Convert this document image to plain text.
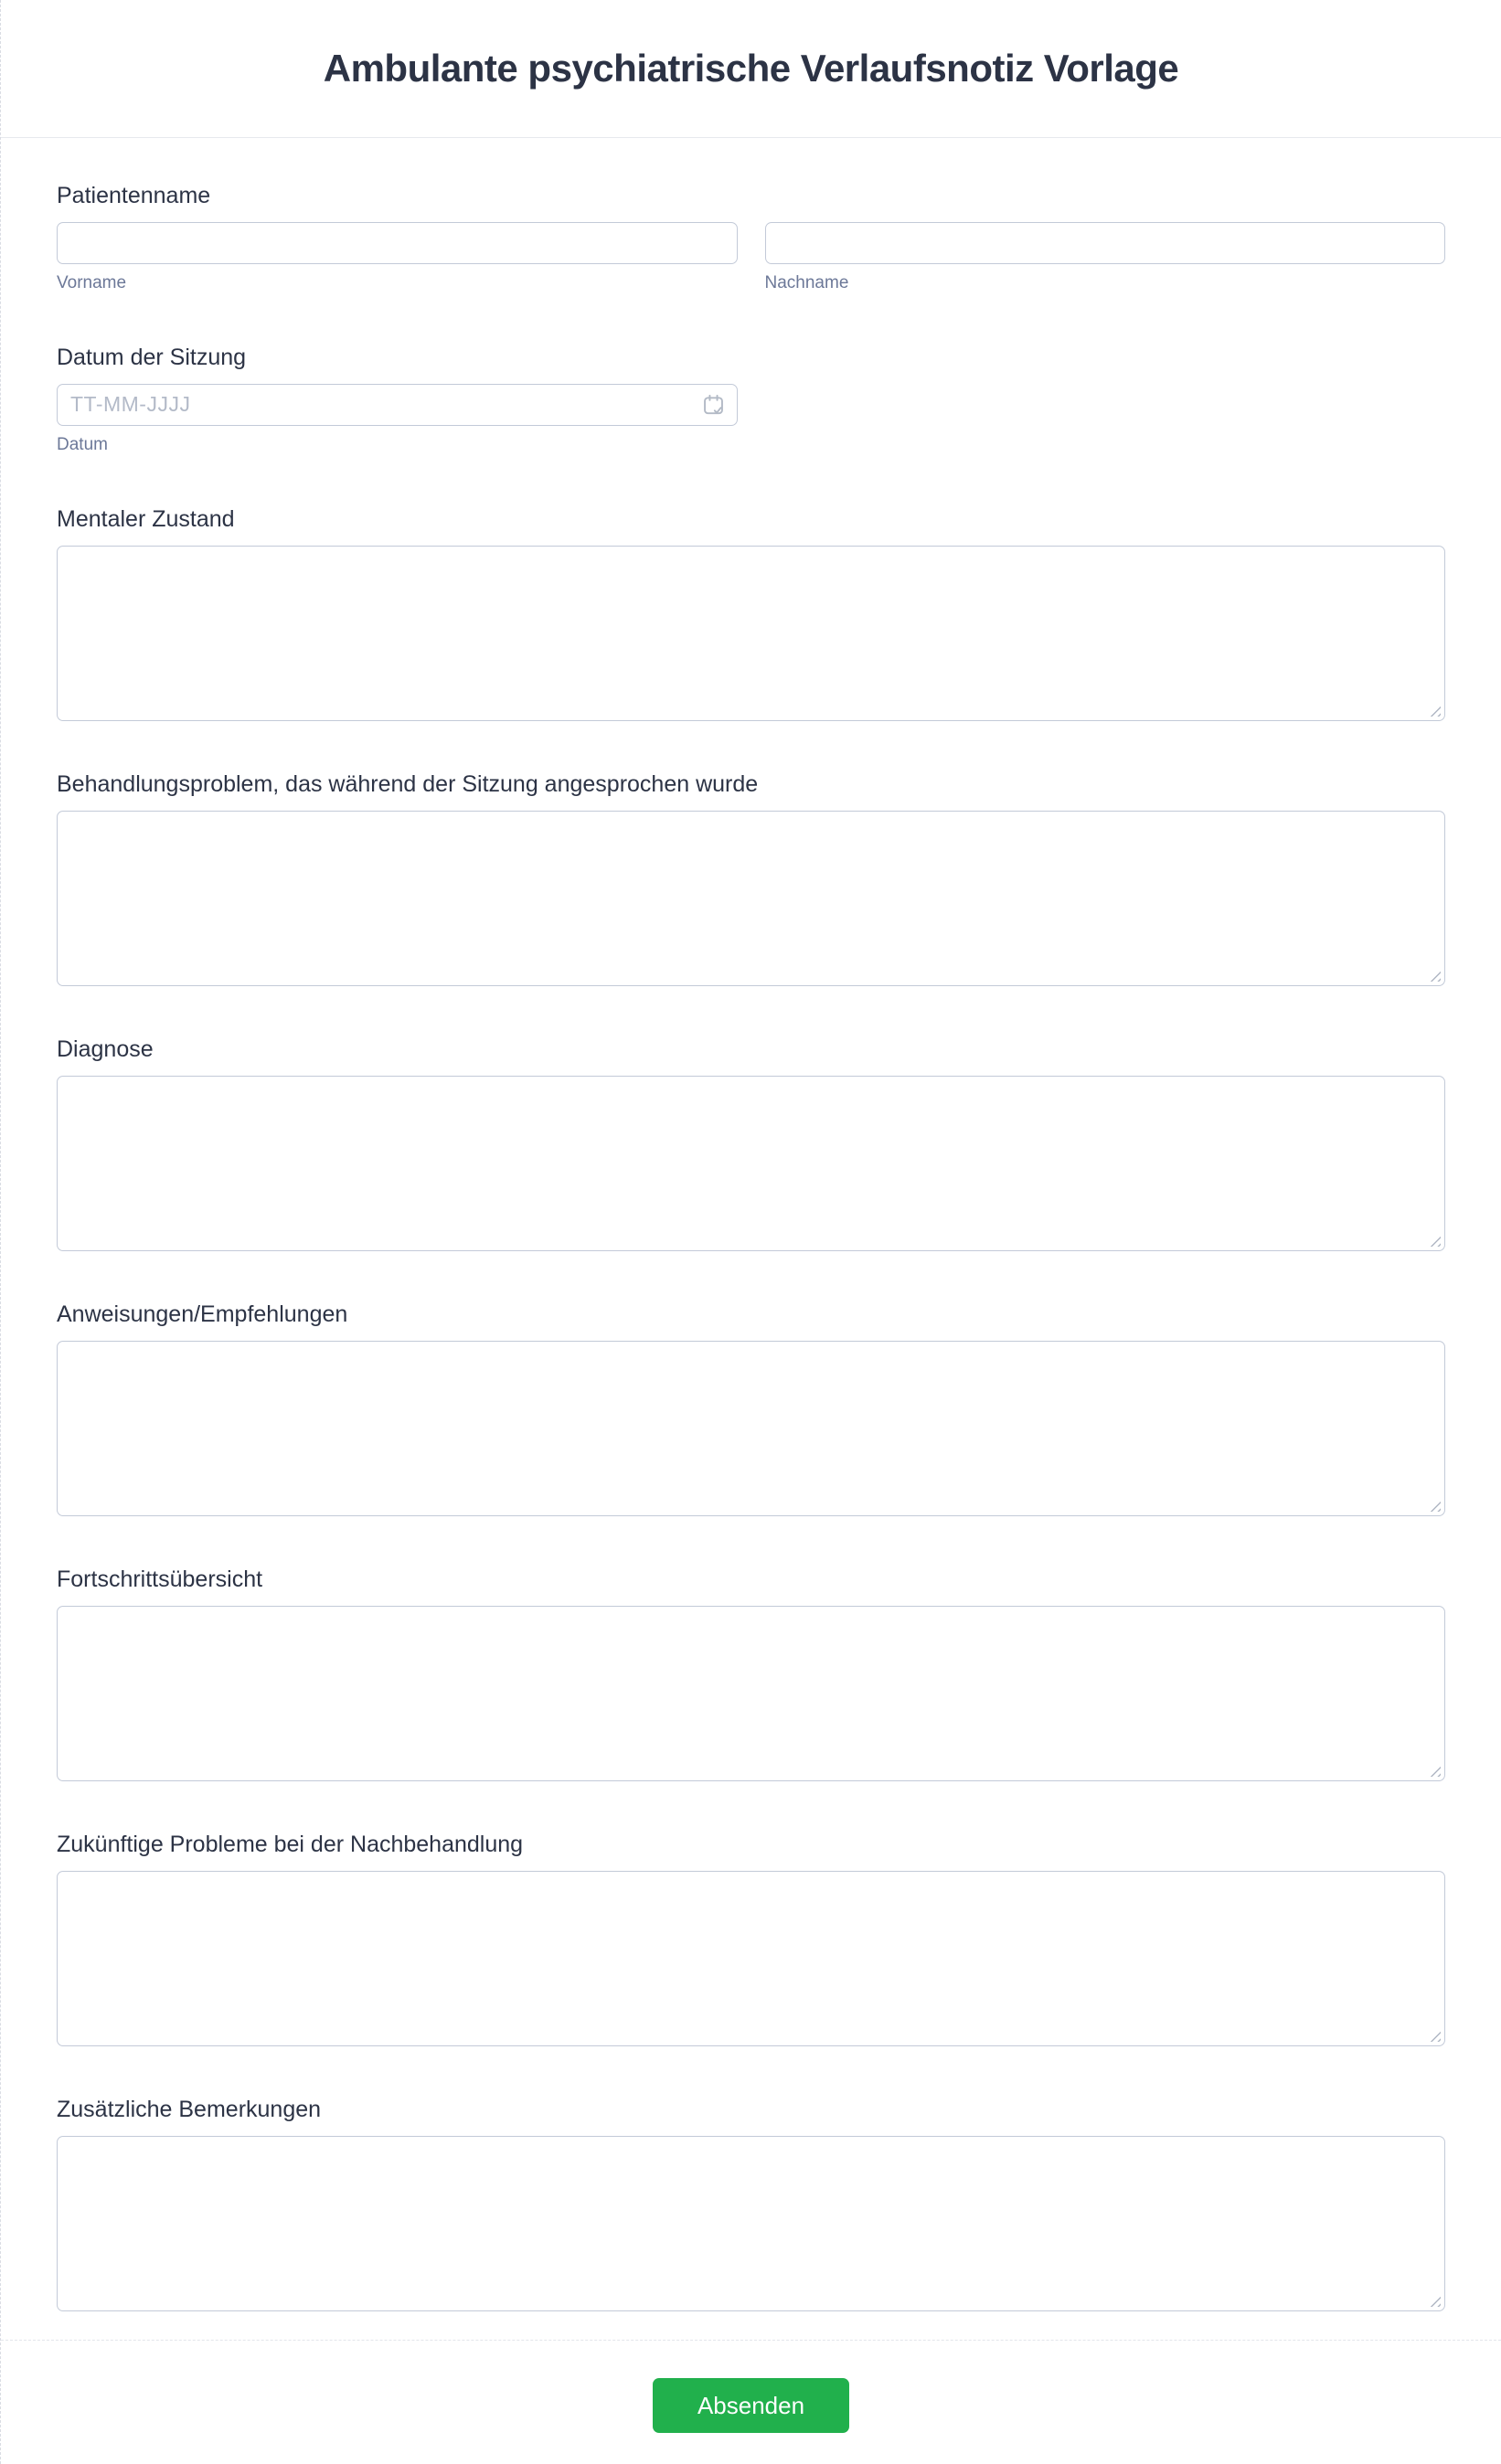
Ambulante psychiatrische Verlaufsnotiz Vorlage
Patientenname
Vorname	Nachname
Datum der Sitzung
TT-MM-JJJJ
Datum
Mentaler Zustand
Behandlungsproblem, das während der Sitzung angesprochen wurde
Diagnose
Anweisungen/Empfehlungen
Fortschrittsübersicht
Zukünftige Probleme bei der Nachbehandlung
Zusätzliche Bemerkungen
Absenden
